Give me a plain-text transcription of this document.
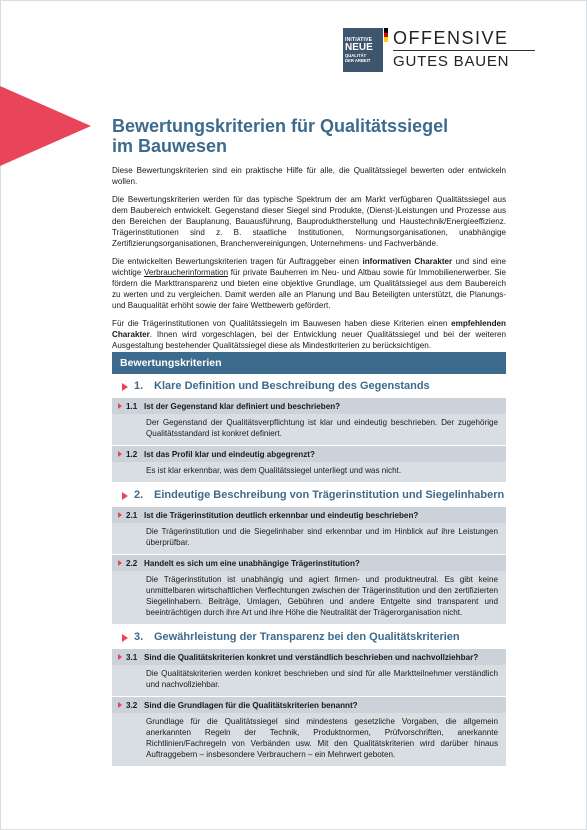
INITIATIVE
NEUE
QUALITÄT
DER ARBEIT
OFFENSIVE
GUTES BAUEN
Bewertungskriterien für Qualitätssiegel
im Bauwesen

Diese Bewertungskriterien sind ein praktische Hilfe für alle, die Qualitätssiegel bewerten oder entwickeln wollen.

Die Bewertungskriterien werden für das typische Spektrum der am Markt verfügbaren Qualitätssiegel aus dem Baubereich entwickelt. Gegenstand dieser Siegel sind Produkte, (Dienst-)Leistungen und Prozesse aus den Bereichen der Bauplanung, Bauausführung, Bauproduktherstellung und Haustechnik/Energieeffizienz. Trägerinstitutionen sind z. B. staatliche Institutionen, Normungsorganisationen, unabhängige Zertifizierungsorganisationen, Branchenvereinigungen, Unternehmens- und Fachverbände.

Die entwickelten Bewertungskriterien tragen für Auftraggeber einen informativen Charakter und sind eine wichtige Verbraucherinformation für private Bauherren im Neu- und Altbau sowie für Immobilienerwerber. Sie fördern die Markttransparenz und bieten eine objektive Grundlage, um Qualitätssiegel aus dem Baubereich zu werten und zu vergleichen. Damit werden alle an Planung und Bau Beteiligten unterstützt, die Planungs- und Bauqualität erhöht sowie der faire Wettbewerb gefördert.

Für die Trägerinstitutionen von Qualitätssiegeln im Bauwesen haben diese Kriterien einen empfehlenden Charakter. Ihnen wird vorgeschlagen, bei der Entwicklung neuer Qualitätssiegel und bei der weiteren Ausgestaltung bestehender Qualitätssiegel diese als Mindestkriterien zu berücksichtigen.

Bewertungskriterien
1. Klare Definition und Beschreibung des Gegenstands
1.1 Ist der Gegenstand klar definiert und beschrieben?
Der Gegenstand der Qualitätsverpflichtung ist klar und eindeutig beschrieben. Der zugehörige Qualitätsstandard ist konkret definiert.
1.2 Ist das Profil klar und eindeutig abgegrenzt?
Es ist klar erkennbar, was dem Qualitätssiegel unterliegt und was nicht.
2. Eindeutige Beschreibung von Trägerinstitution und Siegelinhabern
2.1 Ist die Trägerinstitution deutlich erkennbar und eindeutig beschrieben?
Die Trägerinstitution und die Siegelinhaber sind erkennbar und im Hinblick auf ihre Leistungen überprüfbar.
2.2 Handelt es sich um eine unabhängige Trägerinstitution?
Die Trägerinstitution ist unabhängig und agiert firmen- und produktneutral. Es gibt keine unmittelbaren wirtschaftlichen Verflechtungen zwischen der Trägerinstitution und den zertifizierten Siegelinhabern. Beiträge, Umlagen, Gebühren und andere Entgelte sind transparent und beeinträchtigen durch ihre Art und ihre Höhe die Neutralität der Trägerorganisation nicht.
3. Gewährleistung der Transparenz bei den Qualitätskriterien
3.1 Sind die Qualitätskriterien konkret und verständlich beschrieben und nachvollziehbar?
Die Qualitätskriterien werden konkret beschrieben und sind für alle Marktteilnehmer verständlich und nachvollziehbar.
3.2 Sind die Grundlagen für die Qualitätskriterien benannt?
Grundlage für die Qualitätssiegel sind mindestens gesetzliche Vorgaben, die allgemein anerkannten Regeln der Technik, Produktnormen, Prüfvorschriften, anerkannte Richtlinien/Fachregeln von Verbänden usw. Mit den Qualitätskriterien wird darüber hinaus Auftraggebern – insbesondere Verbrauchern – ein Mehrwert geboten.
